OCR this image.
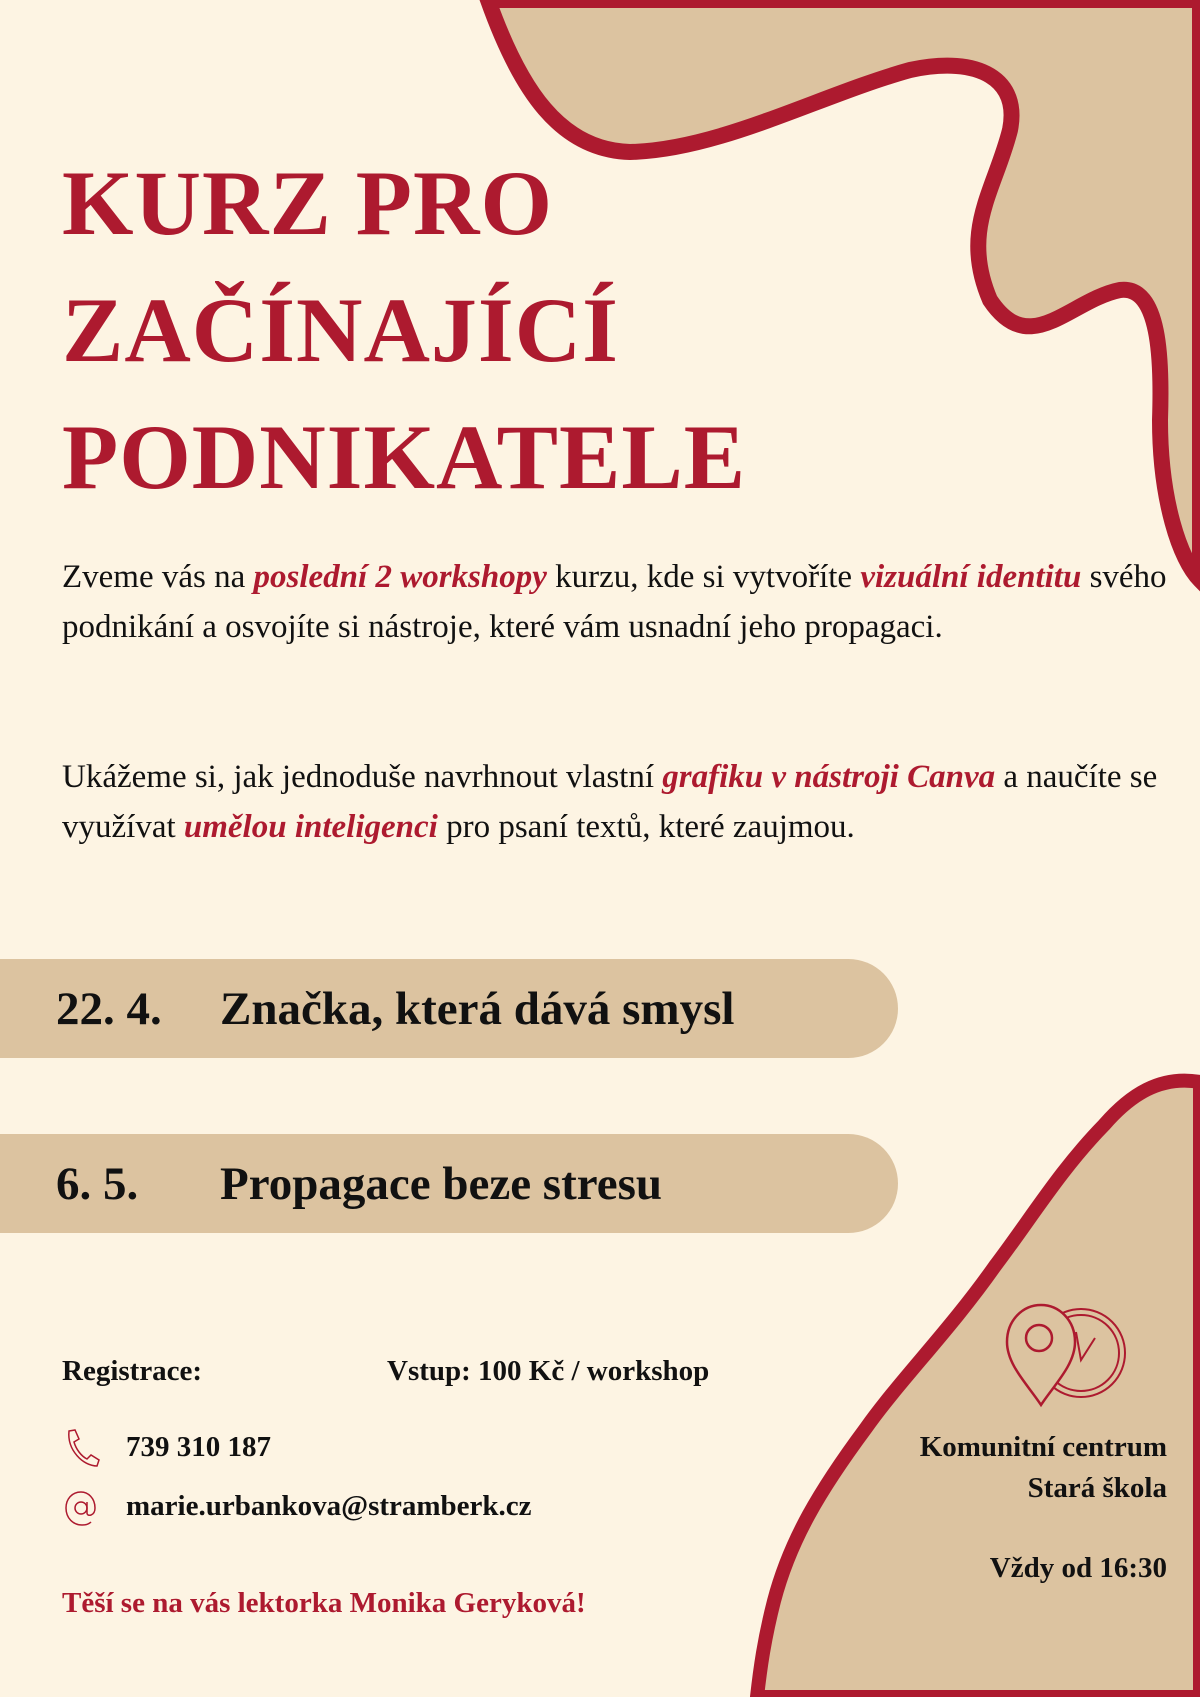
KURZ PRO
ZAČÍNAJÍCÍ
PODNIKATELE

Zveme vás na poslední 2 workshopy kurzu, kde si vytvoříte vizuální identitu svého podnikání a osvojíte si nástroje, které vám usnadní jeho propagaci.

Ukážeme si, jak jednoduše navrhnout vlastní grafiku v nástroji Canva a naučíte se využívat umělou inteligenci pro psaní textů, které zaujmou.

22. 4. Značka, která dává smysl
6. 5. Propagace beze stresu
Registrace:	Vstup: 100 Kč / workshop
739 310 187
marie.urbankova@stramberk.cz
Těší se na vás lektorka Monika Geryková!
Komunitní centrum
Stará škola
Vždy od 16:30
